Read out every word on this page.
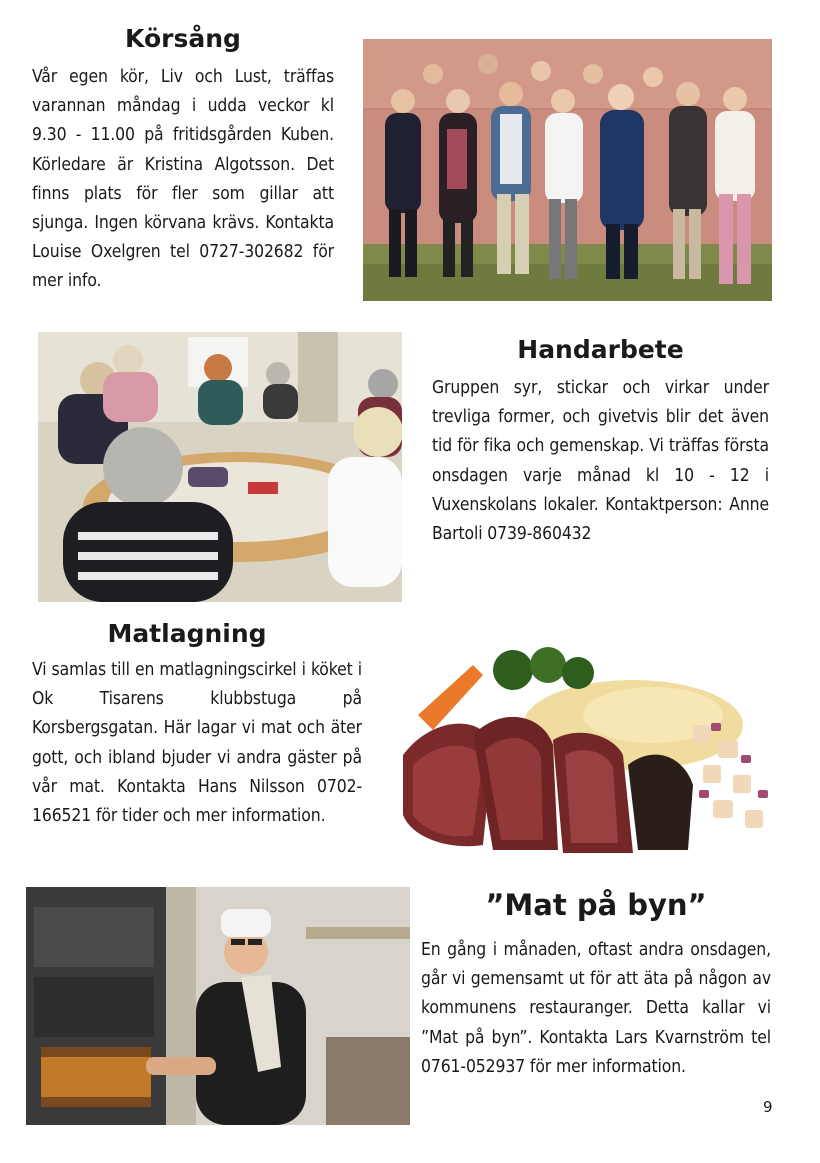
Körsång

Vår egen kör, Liv och Lust, träffas varannan måndag i udda veckor kl 9.30 - 11.00 på fritidsgården Kuben. Körledare är Kristina Algotsson. Det finns plats för fler som gillar att sjunga. Ingen körvana krävs. Kontakta Louise Oxelgren tel 0727-302682 för mer info.

Handarbete

Gruppen syr, stickar och virkar under trevliga former, och givetvis blir det även tid för fika och gemenskap. Vi träffas första onsdagen varje månad kl 10 - 12 i Vuxenskolans lokaler. Kontaktperson: Anne Bartoli 0739-860432

Matlagning

Vi samlas till en matlagningscirkel i köket i Ok Tisarens klubbstuga på Korsbergsgatan. Här lagar vi mat och äter gott, och ibland bjuder vi andra gäster på vår mat. Kontakta Hans Nilsson 0702-166521 för tider och mer information.

”Mat på byn”

En gång i månaden, oftast andra onsdagen, går vi gemensamt ut för att äta på någon av kommunens restauranger. Detta kallar vi ”Mat på byn”. Kontakta Lars Kvarnström tel 0761-052937 för mer information.

9
